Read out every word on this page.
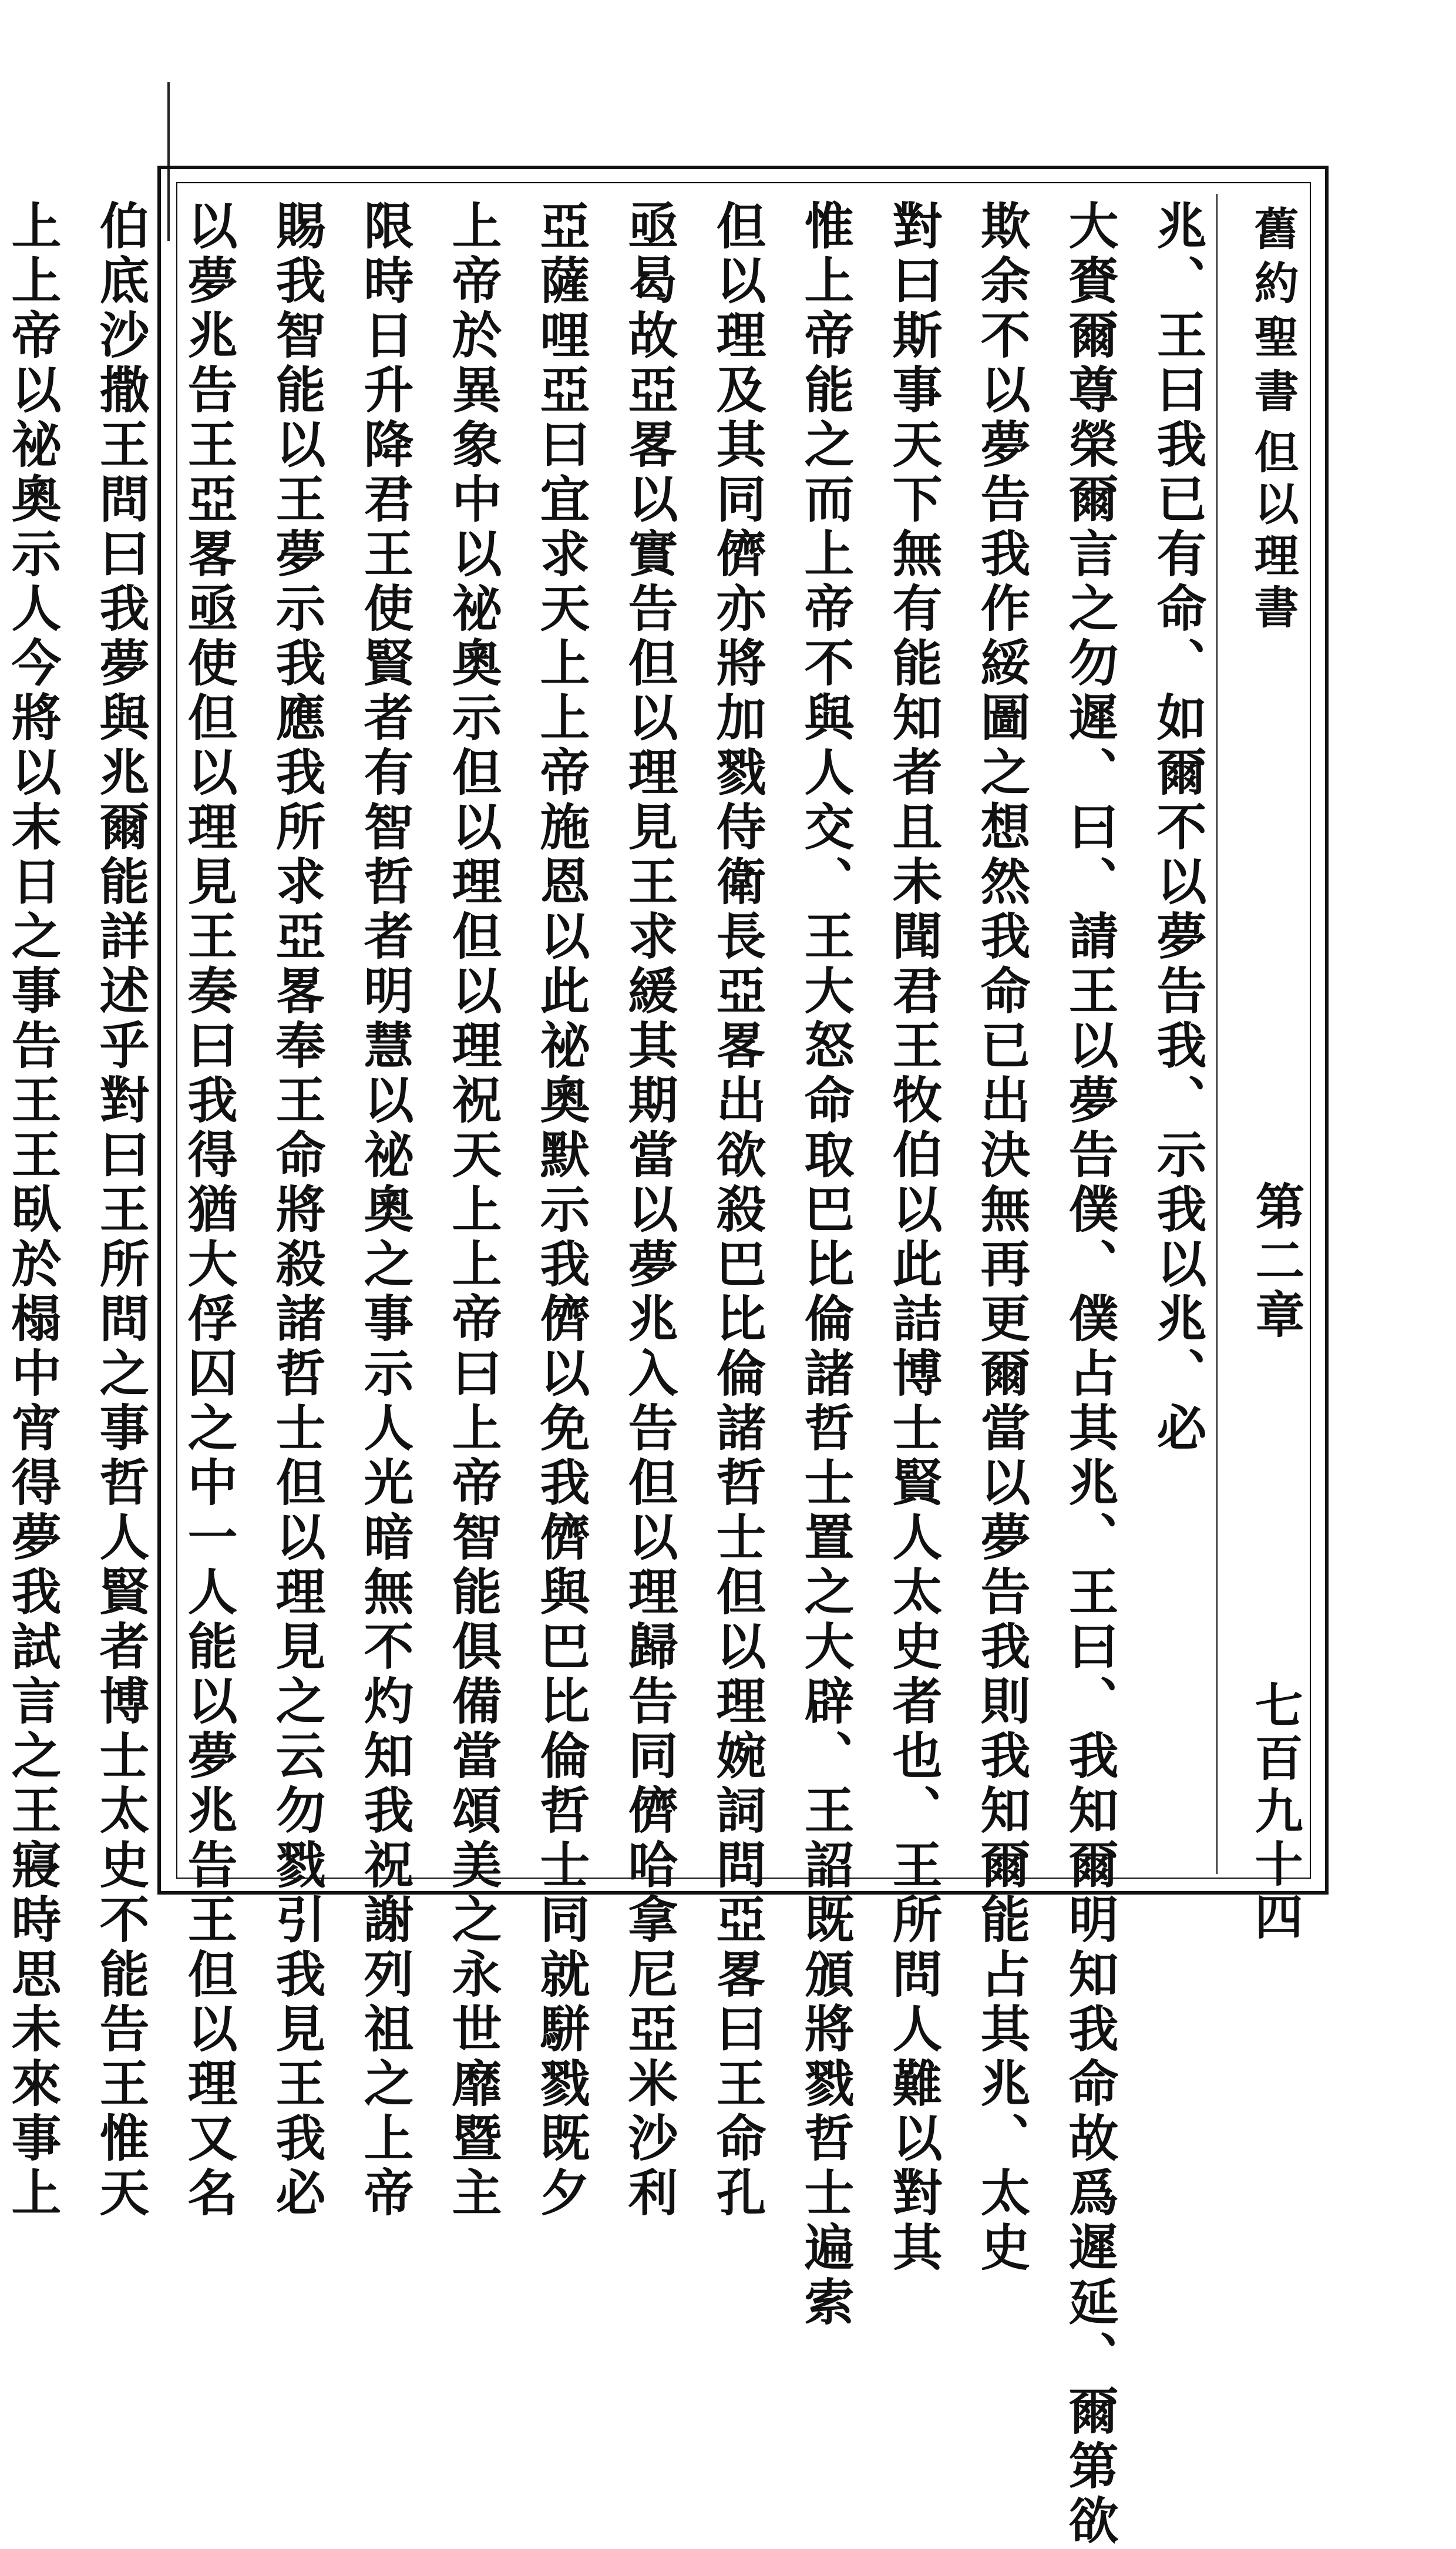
舊約聖書
但以理書
第二章
七百九十四
兆、王曰我已有命、如爾不以夢告我、示我以兆、必
大賚爾尊榮爾言之勿遲、曰、請王以夢告僕、僕占其兆、王曰、我知爾明知我命故爲遲延、爾第欲
欺余不以夢告我作綏圖之想然我命已出決無再更爾當以夢告我則我知爾能占其兆、太史
對曰斯事天下無有能知者且未聞君王牧伯以此詰博士賢人太史者也、王所問人難以對其
惟上帝能之而上帝不與人交、王大怒命取巴比倫諸哲士置之大辟、王詔既頒將戮哲士遍索
但以理及其同儕亦將加戮侍衛長亞畧出欲殺巴比倫諸哲士但以理婉詞問亞畧曰王命孔
亟曷故亞畧以實告但以理見王求緩其期當以夢兆入告但以理歸告同儕哈拿尼亞米沙利
亞薩哩亞曰宜求天上上帝施恩以此祕奧默示我儕以免我儕與巴比倫哲士同就駢戮既夕
上帝於異象中以祕奧示但以理但以理祝天上上帝曰上帝智能俱備當頌美之永世靡暨主
限時日升降君王使賢者有智哲者明慧以祕奧之事示人光暗無不灼知我祝謝列祖之上帝
賜我智能以王夢示我應我所求亞畧奉王命將殺諸哲士但以理見之云勿戮引我見王我必
以夢兆告王亞畧亟使但以理見王奏曰我得猶大俘囚之中一人能以夢兆告王但以理又名
伯底沙撒王問曰我夢與兆爾能詳述乎對曰王所問之事哲人賢者博士太史不能告王惟天
上上帝以祕奧示人今將以末日之事告王王臥於榻中宵得夢我試言之王寢時思未來事上
